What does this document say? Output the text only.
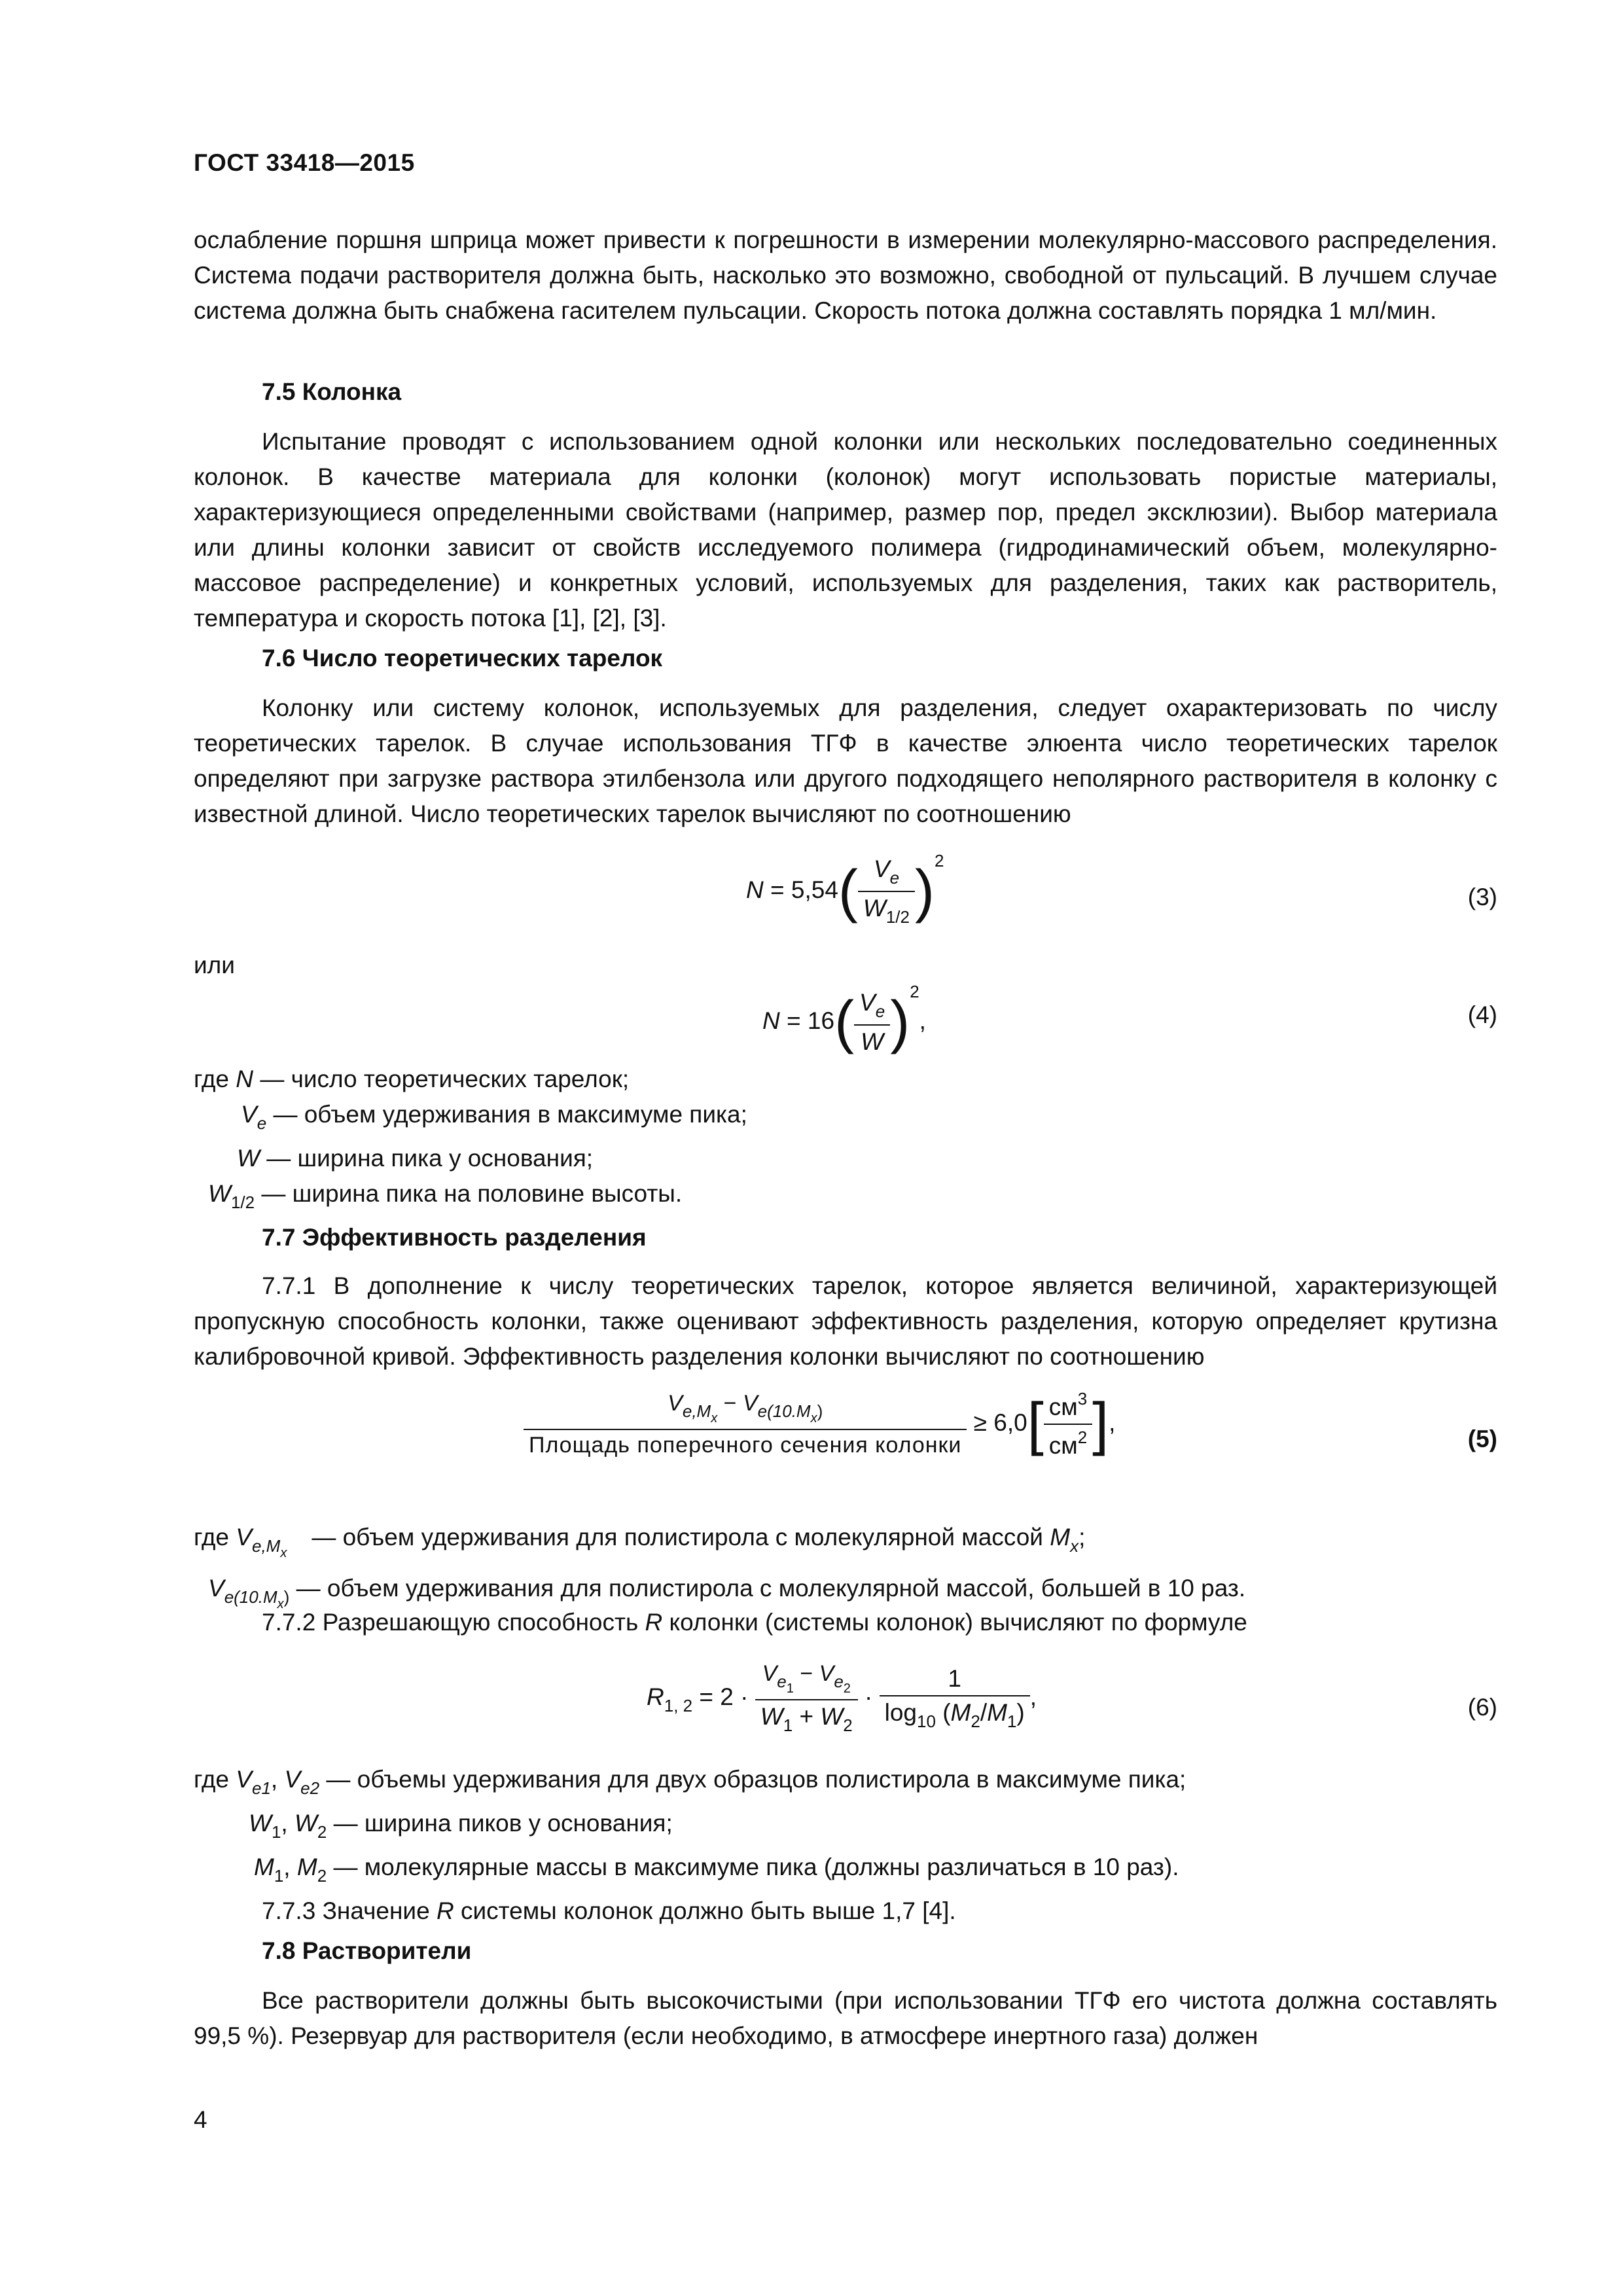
ГОСТ 33418—2015
ослабление поршня шприца может привести к погрешности в измерении молекулярно-массового распределения. Система подачи растворителя должна быть, насколько это возможно, свободной от пульсаций. В лучшем случае система должна быть снабжена гасителем пульсации. Скорость потока должна составлять порядка 1 мл/мин.
7.5 Колонка
Испытание проводят с использованием одной колонки или нескольких последовательно соединенных колонок. В качестве материала для колонки (колонок) могут использовать пористые материалы, характеризующиеся определенными свойствами (например, размер пор, предел эксклюзии). Выбор материала или длины колонки зависит от свойств исследуемого полимера (гидродинамический объем, молекулярно-массовое распределение) и конкретных условий, используемых для разделения, таких как растворитель, температура и скорость потока [1], [2], [3].
7.6 Число теоретических тарелок
Колонку или систему колонок, используемых для разделения, следует охарактеризовать по числу теоретических тарелок. В случае использования ТГФ в качестве элюента число теоретических тарелок определяют при загрузке раствора этилбензола или другого подходящего неполярного растворителя в колонку с известной длиной. Число теоретических тарелок вычисляют по соотношению
$N = 5,54( \frac{V_e}{W_{1/2}} )^2$
(3)
или
$N = 16( \frac{V_e}{W} )^2$,	(4)
где N — число теоретических тарелок;
$V_e$ — объем удерживания в максимуме пика;
W — ширина пика у основания;
$W_{1/2}$ — ширина пика на половине высоты.
7.7 Эффективность разделения
7.7.1 В дополнение к числу теоретических тарелок, которое является величиной, характеризующей пропускную способность колонки, также оценивают эффективность разделения, которую определяет крутизна калибровочной кривой. Эффективность разделения колонки вычисляют по соотношению
$\frac{V_{e,Mx} - V_{e(10.Mx)}}{\text{Площадь поперечного сечения колонки}} \ge 6,0[ \frac{см^3}{см^2}$ ],
(5)
где $V_{e,Mx}—$ объем удерживания для полистирола с молекулярной массой $M_x$;
$V_{e(10.Mx)}$ — объем удерживания для полистирола с молекулярной массой, большей в 10 раз.
7.7.2 Разрешающую способность R колонки (системы колонок) вычисляют по формуле
$R_{1, 2} = 2 \cdot \frac{V_{e1} - V_{e2}}{W_1 + W_2} \cdot \frac{1}{\log_{10} (M_2/M_1)}$ ,	(6)
где $V_{e1}$, $V_{e2}$ — объемы удерживания для двух образцов полистирола в максимуме пика;
$W_1$, $W_2$ — ширина пиков у основания;
$M_1$, $M_2$ — молекулярные массы в максимуме пика (должны различаться в 10 раз).
7.7.3 Значение R системы колонок должно быть выше 1,7 [4].
7.8 Растворители
Все растворители должны быть высокочистыми (при использовании ТГФ его чистота должна составлять 99,5 %). Резервуар для растворителя (если необходимо, в атмосфере инертного газа) должен
4
